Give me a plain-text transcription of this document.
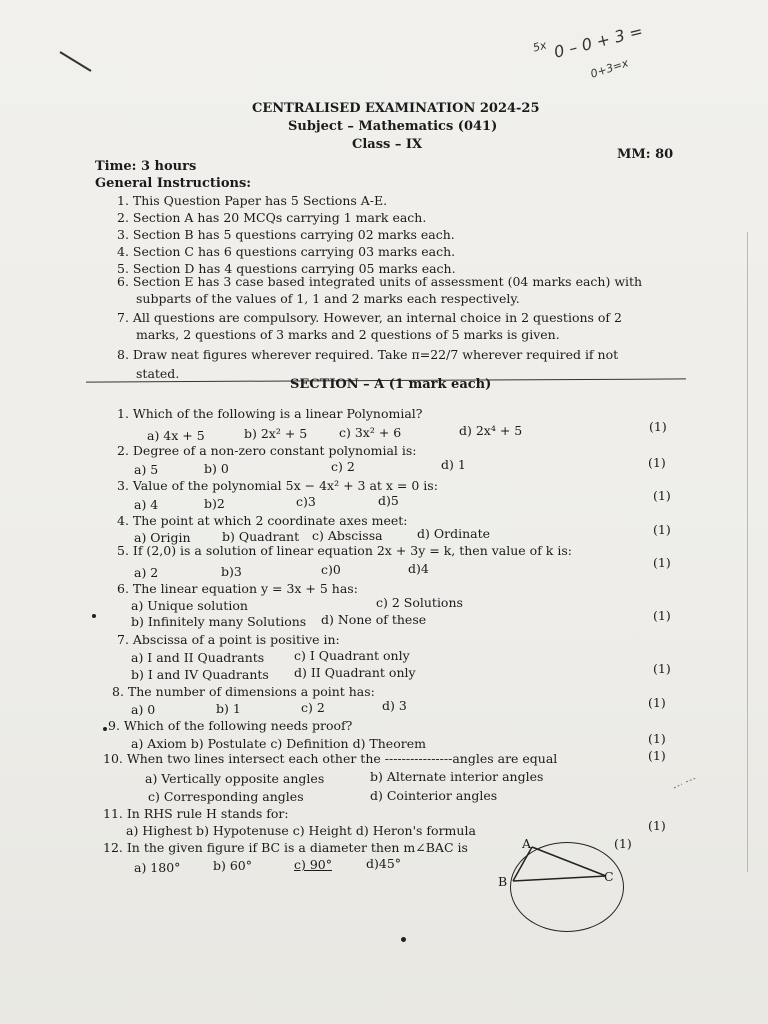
5x 0 – 0 + 3 =
0+3=x
CENTRALISED EXAMINATION 2024-25
Subject – Mathematics (041)
Class – IX
Time: 3 hours
MM: 80
General Instructions:
1. This Question Paper has 5 Sections A-E.
2. Section A has 20 MCQs carrying 1 mark each.
3. Section B has 5 questions carrying 02 marks each.
4. Section C has 6 questions carrying 03 marks each.
5. Section D has 4 questions carrying 05 marks each.
6. Section E has 3 case based integrated units of assessment (04 marks each) with
subparts of the values of 1, 1 and 2 marks each respectively.
7. All questions are compulsory. However, an internal choice in 2 questions of 2
marks, 2 questions of 3 marks and 2 questions of 5 marks is given.
8. Draw neat figures wherever required. Take π=22/7 wherever required if not
stated.
SECTION – A (1 mark each)
1. Which of the following is a linear Polynomial?
a) 4x + 5	b) 2x² + 5	c) 3x² + 6	d) 2x⁴ + 5	(1)
2. Degree of a non-zero constant polynomial is:
a) 5	b) 0	c) 2	d) 1	(1)
3. Value of the polynomial 5x − 4x² + 3 at x = 0 is:
a) 4	b)2	c)3	d)5	(1)
4. The point at which 2 coordinate axes meet:
a) Origin	b) Quadrant c) Abscissa	d) Ordinate	(1)
5. If (2,0) is a solution of linear equation 2x + 3y = k, then value of k is:
a) 2	b)3	c)0	d)4	(1)
6. The linear equation y = 3x + 5 has:
a) Unique solution	c) 2 Solutions
b) Infinitely many Solutions d) None of these	(1)
7. Abscissa of a point is positive in:
a) I and II Quadrants c) I Quadrant only
b) I and IV Quadrants d) II Quadrant only	(1)
8. The number of dimensions a point has:
a) 0	b) 1	c) 2	d) 3	(1)
9. Which of the following needs proof?
a) Axiom b) Postulate c) Definition d) Theorem	(1)
10. When two lines intersect each other the ----------------angles are equal
a) Vertically opposite angles	b) Alternate interior angles
c) Corresponding angles	d) Cointerior angles
(1)
11. In RHS rule H stands for:
a) Highest b) Hypotenuse c) Height d) Heron's formula	(1)
12. In the given figure if BC is a diameter then m∠BAC is
a) 180°	b) 60°	c) 90°	d)45°
(1)
A
B	C
